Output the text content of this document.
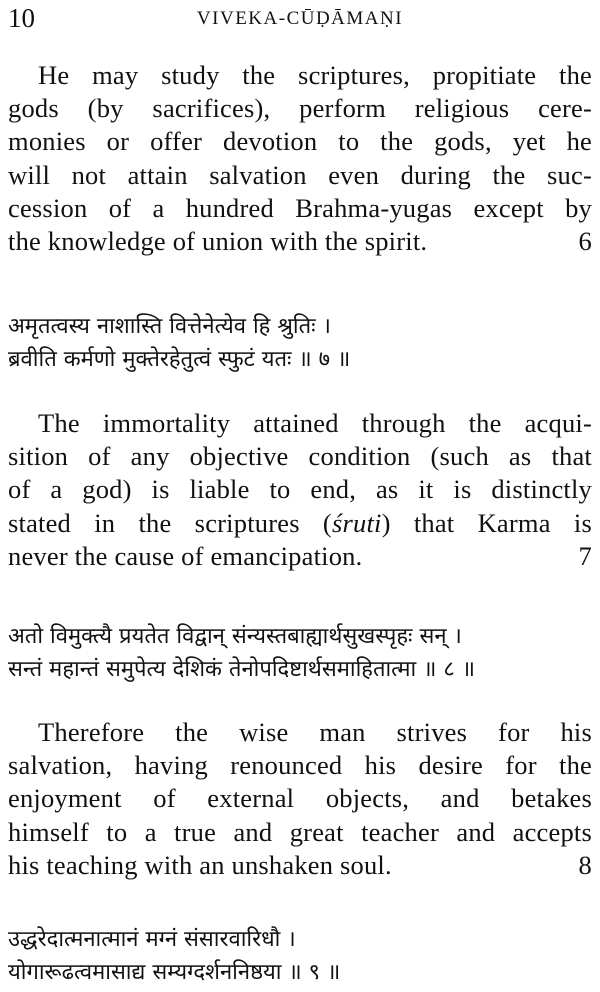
10	VIVEKA-CŪḌĀMAṆI
He may study the scriptures, propitiate the
gods (by sacrifices), perform religious cere-
monies or offer devotion to the gods, yet he
will not attain salvation even during the suc-
cession of a hundred Brahma-yugas except by
the knowledge of union with the spirit.	6
अमृतत्वस्य नाशास्ति वित्तेनेत्येव हि श्रुतिः ।
ब्रवीति कर्मणो मुक्तेरहेतुत्वं स्फुटं यतः ॥ ७ ॥
The immortality attained through the acqui-
sition of any objective condition (such as that
of a god) is liable to end, as it is distinctly
stated in the scriptures (śruti) that Karma is
never the cause of emancipation.	7
अतो विमुक्त्यै प्रयतेत विद्वान् संन्यस्तबाह्यार्थसुखस्पृहः सन् ।
सन्तं महान्तं समुपेत्य देशिकं तेनोपदिष्टार्थसमाहितात्मा ॥ ८ ॥
Therefore the wise man strives for his
salvation, having renounced his desire for the
enjoyment of external objects, and betakes
himself to a true and great teacher and accepts
his teaching with an unshaken soul.	8
उद्धरेदात्मनात्मानं मग्नं संसारवारिधौ ।
योगारूढत्वमासाद्य सम्यग्दर्शननिष्ठया ॥ ९ ॥
